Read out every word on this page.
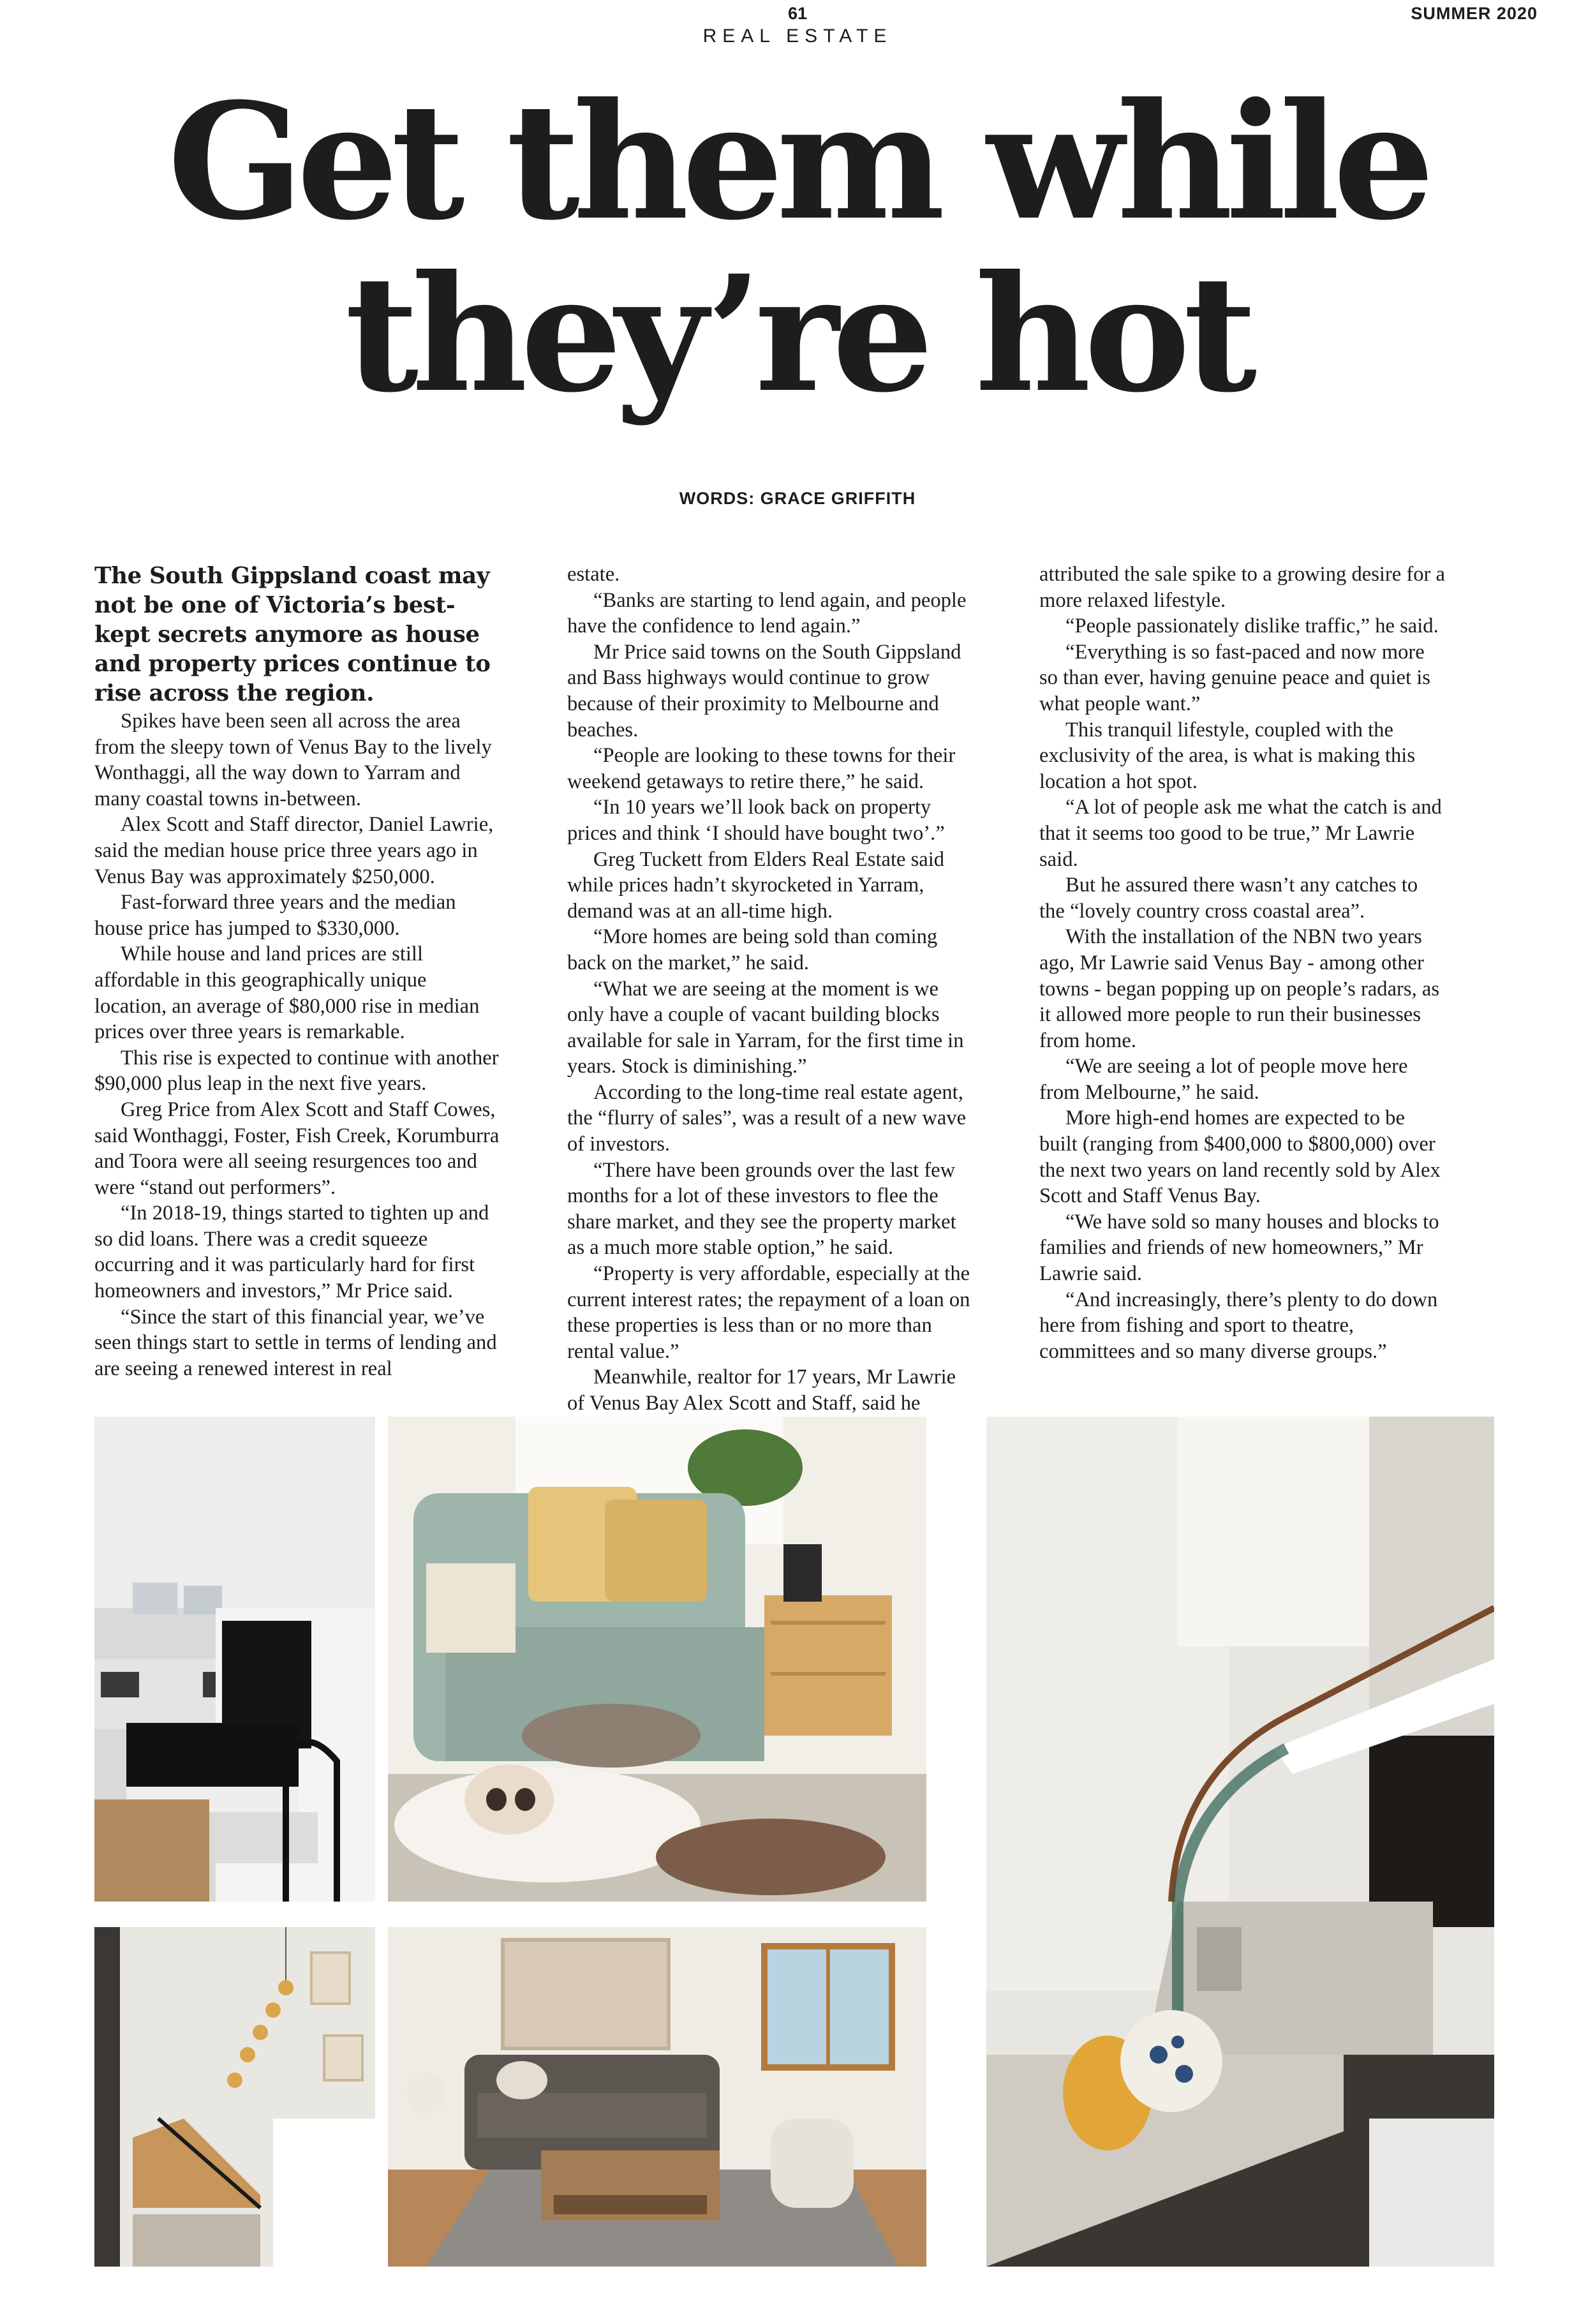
61
REAL ESTATE
SUMMER 2020
Get them while
they’re hot
WORDS: GRACE GRIFFITH

The South Gippsland coast may not be one of Victoria’s best-kept secrets anymore as house and property prices continue to rise across the region.

Spikes have been seen all across the area from the sleepy town of Venus Bay to the lively Wonthaggi, all the way down to Yarram and many coastal towns in-between.

Alex Scott and Staff director, Daniel Lawrie, said the median house price three years ago in Venus Bay was approximately $250,000.

Fast-forward three years and the median house price has jumped to $330,000.

While house and land prices are still affordable in this geographically unique location, an average of $80,000 rise in median prices over three years is remarkable.

This rise is expected to continue with another $90,000 plus leap in the next five years.

Greg Price from Alex Scott and Staff Cowes, said Wonthaggi, Foster, Fish Creek, Korumburra and Toora were all seeing resurgences too and were “stand out performers”.

“In 2018-19, things started to tighten up and so did loans. There was a credit squeeze occurring and it was particularly hard for first homeowners and investors,” Mr Price said.

“Since the start of this financial year, we’ve seen things start to settle in terms of lending and are seeing a renewed interest in real

estate.

“Banks are starting to lend again, and people have the confidence to lend again.”

Mr Price said towns on the South Gippsland and Bass highways would continue to grow because of their proximity to Melbourne and beaches.

“People are looking to these towns for their weekend getaways to retire there,” he said.

“In 10 years we’ll look back on property prices and think ‘I should have bought two’.”

Greg Tuckett from Elders Real Estate said while prices hadn’t skyrocketed in Yarram, demand was at an all-time high.

“More homes are being sold than coming back on the market,” he said.

“What we are seeing at the moment is we only have a couple of vacant building blocks available for sale in Yarram, for the first time in years. Stock is diminishing.”

According to the long-time real estate agent, the “flurry of sales”, was a result of a new wave of investors.

“There have been grounds over the last few months for a lot of these investors to flee the share market, and they see the property market as a much more stable option,” he said.

“Property is very affordable, especially at the current interest rates; the repayment of a loan on these properties is less than or no more than rental value.”

Meanwhile, realtor for 17 years, Mr Lawrie of Venus Bay Alex Scott and Staff, said he

attributed the sale spike to a growing desire for a more relaxed lifestyle.

“People passionately dislike traffic,” he said.

“Everything is so fast-paced and now more so than ever, having genuine peace and quiet is what people want.”

This tranquil lifestyle, coupled with the exclusivity of the area, is what is making this location a hot spot.

“A lot of people ask me what the catch is and that it seems too good to be true,” Mr Lawrie said.

But he assured there wasn’t any catches to the “lovely country cross coastal area”.

With the installation of the NBN two years ago, Mr Lawrie said Venus Bay - among other towns - began popping up on people’s radars, as it allowed more people to run their businesses from home.

“We are seeing a lot of people move here from Melbourne,” he said.

More high-end homes are expected to be built (ranging from $400,000 to $800,000) over the next two years on land recently sold by Alex Scott and Staff Venus Bay.

“We have sold so many houses and blocks to families and friends of new homeowners,” Mr Lawrie said.

“And increasingly, there’s plenty to do down here from fishing and sport to theatre, committees and so many diverse groups.”
